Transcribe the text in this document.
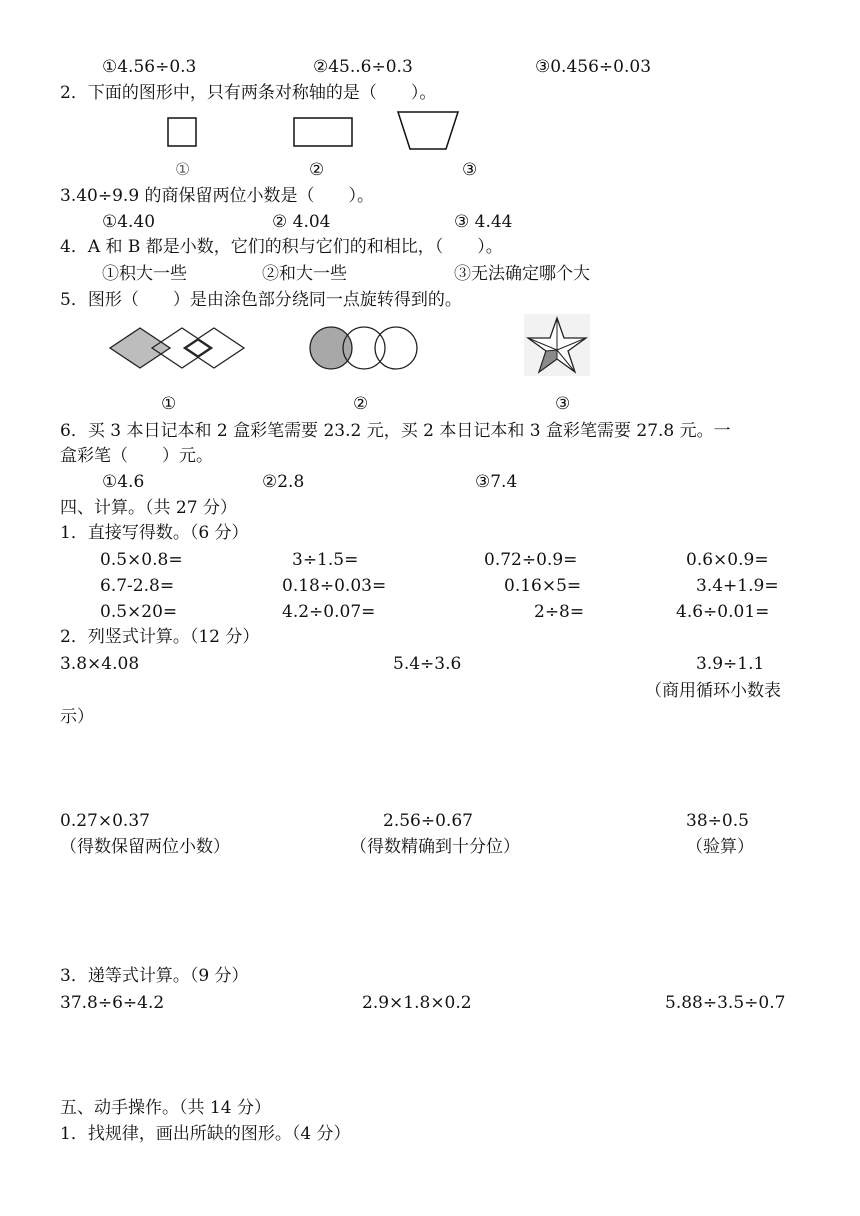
①4.56÷0.3	②45..6÷0.3	③0.456÷0.03
2．下面的图形中，只有两条对称轴的是（　　）。
①	②	③
3.40÷9.9 的商保留两位小数是（　　）。
①4.40	② 4.04	③ 4.44
4．A 和 B 都是小数，它们的积与它们的和相比，（　　）。
①积大一些	②和大一些	③无法确定哪个大
5．图形（　　）是由涂色部分绕同一点旋转得到的。
①	②	③
6．买 3 本日记本和 2 盒彩笔需要 23.2 元，买 2 本日记本和 3 盒彩笔需要 27.8 元。一
盒彩笔（　　）元。
①4.6	②2.8	③7.4
四、计算。（共 27 分）
1．直接写得数。（6 分）
0.5×0.8=	3÷1.5=	0.72÷0.9=	0.6×0.9=
6.7-2.8=	0.18÷0.03=	0.16×5=	3.4+1.9=
0.5×20=	4.2÷0.07=	2÷8=	4.6÷0.01=
2．列竖式计算。（12 分）
3.8×4.08	5.4÷3.6	3.9÷1.1
（商用循环小数表
示）
0.27×0.37	2.56÷0.67	38÷0.5
（得数保留两位小数）	（得数精确到十分位）	（验算）
3．递等式计算。（9 分）
37.8÷6÷4.2	2.9×1.8×0.2	5.88÷3.5÷0.7
五、动手操作。（共 14 分）
1．找规律，画出所缺的图形。（4 分）
